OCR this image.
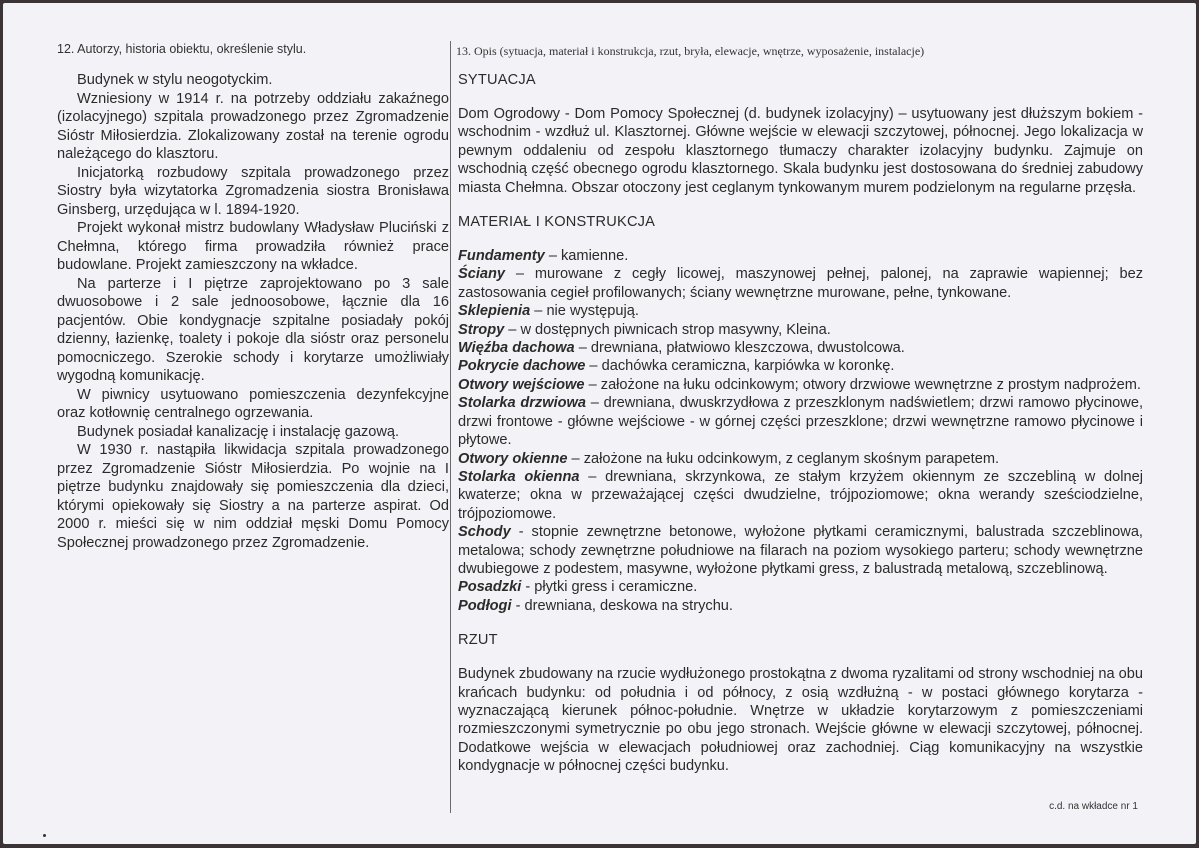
12. Autorzy, historia obiektu, określenie stylu.

Budynek w stylu neogotyckim.

Wzniesiony w 1914 r. na potrzeby oddziału zakaźnego (izolacyjnego) szpitala prowadzonego przez Zgromadzenie Sióstr Miłosierdzia. Zlokalizowany został na terenie ogrodu należącego do klasztoru.

Inicjatorką rozbudowy szpitala prowadzonego przez Siostry była wizytatorka Zgromadzenia siostra Bronisława Ginsberg, urzędująca w l. 1894-1920.

Projekt wykonał mistrz budowlany Władysław Pluciński z Chełmna, którego firma prowadziła również prace budowlane. Projekt zamieszczony na wkładce.

Na parterze i I piętrze zaprojektowano po 3 sale dwuosobowe i 2 sale jednoosobowe, łącznie dla 16 pacjentów. Obie kondygnacje szpitalne posiadały pokój dzienny, łazienkę, toalety i pokoje dla sióstr oraz personelu pomocniczego. Szerokie schody i korytarze umożliwiały wygodną komunikację.

W piwnicy usytuowano pomieszczenia dezynfekcyjne oraz kotłownię centralnego ogrzewania.

Budynek posiadał kanalizację i instalację gazową.

W 1930 r. nastąpiła likwidacja szpitala prowadzonego przez Zgromadzenie Sióstr Miłosierdzia. Po wojnie na I piętrze budynku znajdowały się pomieszczenia dla dzieci, którymi opiekowały się Siostry a na parterze aspirat. Od 2000 r. mieści się w nim oddział męski Domu Pomocy Społecznej prowadzonego przez Zgromadzenie.

13. Opis (sytuacja, materiał i konstrukcja, rzut, bryła, elewacje, wnętrze, wyposażenie, instalacje)

SYTUACJA

Dom Ogrodowy - Dom Pomocy Społecznej (d. budynek izolacyjny) – usytuowany jest dłuższym bokiem - wschodnim - wzdłuż ul. Klasztornej. Główne wejście w elewacji szczytowej, północnej. Jego lokalizacja w pewnym oddaleniu od zespołu klasztornego tłumaczy charakter izolacyjny budynku. Zajmuje on wschodnią część obecnego ogrodu klasztornego. Skala budynku jest dostosowana do średniej zabudowy miasta Chełmna. Obszar otoczony jest ceglanym tynkowanym murem podzielonym na regularne przęsła.

MATERIAŁ I KONSTRUKCJA

Fundamenty – kamienne.

Ściany – murowane z cegły licowej, maszynowej pełnej, palonej, na zaprawie wapiennej; bez zastosowania cegieł profilowanych; ściany wewnętrzne murowane, pełne, tynkowane.

Sklepienia – nie występują.

Stropy – w dostępnych piwnicach strop masywny, Kleina.

Więźba dachowa – drewniana, płatwiowo kleszczowa, dwustolcowa.

Pokrycie dachowe – dachówka ceramiczna, karpiówka w koronkę.

Otwory wejściowe – założone na łuku odcinkowym; otwory drzwiowe wewnętrzne z prostym nadprożem.

Stolarka drzwiowa – drewniana, dwuskrzydłowa z przeszklonym nadświetlem; drzwi ramowo płycinowe, drzwi frontowe - główne wejściowe - w górnej części przeszklone; drzwi wewnętrzne ramowo płycinowe i płytowe.

Otwory okienne – założone na łuku odcinkowym, z ceglanym skośnym parapetem.

Stolarka okienna – drewniana, skrzynkowa, ze stałym krzyżem okiennym ze szczebliną w dolnej kwaterze; okna w przeważającej części dwudzielne, trójpoziomowe; okna werandy sześciodzielne, trójpoziomowe.

Schody - stopnie zewnętrzne betonowe, wyłożone płytkami ceramicznymi, balustrada szczeblinowa, metalowa; schody zewnętrzne południowe na filarach na poziom wysokiego parteru; schody wewnętrzne dwubiegowe z podestem, masywne, wyłożone płytkami gress, z balustradą metalową, szczeblinową.

Posadzki - płytki gress i ceramiczne.

Podłogi - drewniana, deskowa na strychu.

RZUT

Budynek zbudowany na rzucie wydłużonego prostokątna z dwoma ryzalitami od strony wschodniej na obu krańcach budynku: od południa i od północy, z osią wzdłużną - w postaci głównego korytarza - wyznaczającą kierunek północ-południe. Wnętrze w układzie korytarzowym z pomieszczeniami rozmieszczonymi symetrycznie po obu jego stronach. Wejście główne w elewacji szczytowej, północnej. Dodatkowe wejścia w elewacjach południowej oraz zachodniej. Ciąg komunikacyjny na wszystkie kondygnacje w północnej części budynku.

c.d. na wkładce nr 1
